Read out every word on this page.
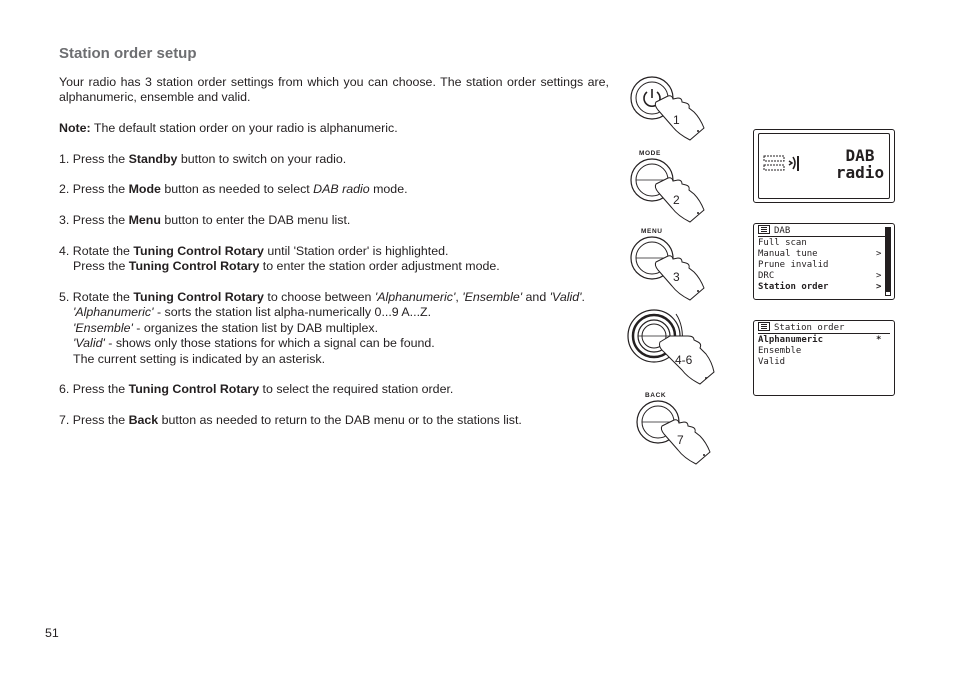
Station order setup
Your radio has 3 station order settings from which you can choose. The station order settings are, alphanumeric, ensemble and valid.
Note: The default station order on your radio is alphanumeric.
1. Press the Standby button to switch on your radio.
2. Press the Mode button as needed to select DAB radio mode.
3. Press the Menu button to enter the DAB menu list.
4. Rotate the Tuning Control Rotary until 'Station order' is highlighted.
Press the Tuning Control Rotary to enter the station order adjustment mode.
5. Rotate the Tuning Control Rotary to choose between 'Alphanumeric', 'Ensemble' and 'Valid'.
'Alphanumeric' - sorts the station list alpha-numerically 0...9 A...Z.
'Ensemble' - organizes the station list by DAB multiplex.
'Valid' - shows only those stations for which a signal can be found.
The current setting is indicated by an asterisk.
6. Press the Tuning Control Rotary to select the required station order.
7. Press the Back button as needed to return to the DAB menu or to the stations list.
51
1
MODE
2
MENU
3
4-6
BACK
7
DAB
radio
DAB
Full scan
Manual tune	>
Prune invalid
DRC	>
Station order	>
Station order
Alphanumeric	*
Ensemble
Valid
